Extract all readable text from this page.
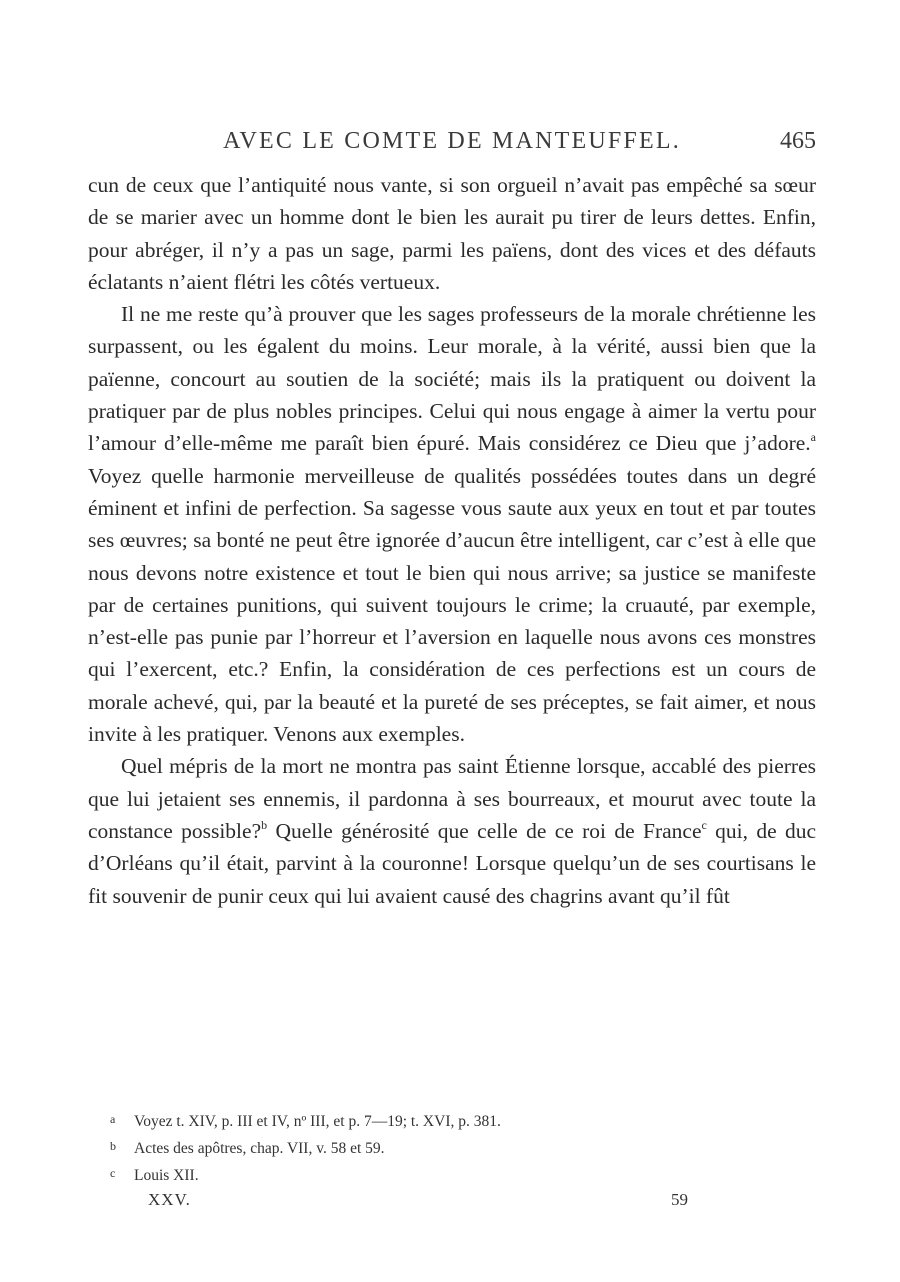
AVEC LE COMTE DE MANTEUFFEL.	465

cun de ceux que l’antiquité nous vante, si son orgueil n’avait pas empêché sa sœur de se marier avec un homme dont le bien les aurait pu tirer de leurs dettes. Enfin, pour abréger, il n’y a pas un sage, parmi les païens, dont des vices et des défauts éclatants n’aient flétri les côtés vertueux.

Il ne me reste qu’à prouver que les sages professeurs de la morale chrétienne les surpassent, ou les égalent du moins. Leur morale, à la vérité, aussi bien que la païenne, concourt au soutien de la société; mais ils la pratiquent ou doivent la pratiquer par de plus nobles principes. Celui qui nous engage à aimer la vertu pour l’amour d’elle-même me paraît bien épuré. Mais considérez ce Dieu que j’adore.$^a$ Voyez quelle harmonie merveilleuse de qualités possédées toutes dans un degré éminent et infini de perfection. Sa sagesse vous saute aux yeux en tout et par toutes ses œuvres; sa bonté ne peut être ignorée d’aucun être intelligent, car c’est à elle que nous devons notre existence et tout le bien qui nous arrive; sa justice se manifeste par de certaines punitions, qui suivent toujours le crime; la cruauté, par exemple, n’est-elle pas punie par l’horreur et l’aversion en laquelle nous avons ces monstres qui l’exercent, etc.? Enfin, la considération de ces perfections est un cours de morale achevé, qui, par la beauté et la pureté de ses préceptes, se fait aimer, et nous invite à les pratiquer. Venons aux exemples.

Quel mépris de la mort ne montra pas saint Étienne lorsque, accablé des pierres que lui jetaient ses ennemis, il pardonna à ses bourreaux, et mourut avec toute la constance possible?$^b$ Quelle générosité que celle de ce roi de France$^c$ qui, de duc d’Orléans qu’il était, parvint à la couronne! Lorsque quelqu’un de ses courtisans le fit souvenir de punir ceux qui lui avaient causé des chagrins avant qu’il fût

a Voyez t. XIV, p. III et IV, nº III, et p. 7—19; t. XVI, p. 381.
b Actes des apôtres, chap. VII, v. 58 et 59.
c Louis XII.
XXV.	59
